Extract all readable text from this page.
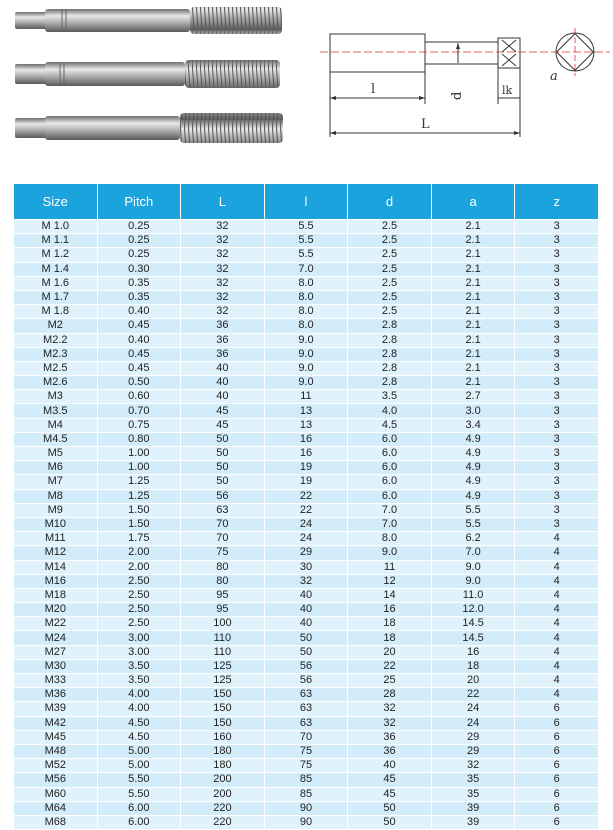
l	d	lk
L
a
Size	Pitch	L	l	d	a	z
M 1.0	0.25	32	5.5	2.5	2.1	3
M 1.1	0.25	32	5.5	2.5	2.1	3
M 1.2	0.25	32	5.5	2.5	2.1	3
M 1.4	0.30	32	7.0	2.5	2.1	3
M 1.6	0.35	32	8.0	2.5	2.1	3
M 1.7	0.35	32	8.0	2.5	2.1	3
M 1.8	0.40	32	8.0	2.5	2.1	3
M2	0.45	36	8.0	2.8	2.1	3
M2.2	0.40	36	9.0	2.8	2.1	3
M2.3	0.45	36	9.0	2.8	2.1	3
M2.5	0.45	40	9.0	2.8	2.1	3
M2.6	0.50	40	9.0	2.8	2.1	3
M3	0.60	40	11	3.5	2.7	3
M3.5	0.70	45	13	4.0	3.0	3
M4	0.75	45	13	4.5	3.4	3
M4.5	0.80	50	16	6.0	4.9	3
M5	1.00	50	16	6.0	4.9	3
M6	1.00	50	19	6.0	4.9	3
M7	1.25	50	19	6.0	4.9	3
M8	1.25	56	22	6.0	4.9	3
M9	1.50	63	22	7.0	5.5	3
M10	1.50	70	24	7.0	5.5	3
M11	1.75	70	24	8.0	6.2	4
M12	2.00	75	29	9.0	7.0	4
M14	2.00	80	30	11	9.0	4
M16	2.50	80	32	12	9.0	4
M18	2.50	95	40	14	11.0	4
M20	2.50	95	40	16	12.0	4
M22	2.50	100	40	18	14.5	4
M24	3.00	110	50	18	14.5	4
M27	3.00	110	50	20	16	4
M30	3.50	125	56	22	18	4
M33	3.50	125	56	25	20	4
M36	4.00	150	63	28	22	4
M39	4.00	150	63	32	24	6
M42	4.50	150	63	32	24	6
M45	4.50	160	70	36	29	6
M48	5.00	180	75	36	29	6
M52	5.00	180	75	40	32	6
M56	5.50	200	85	45	35	6
M60	5.50	200	85	45	35	6
M64	6.00	220	90	50	39	6
M68	6.00	220	90	50	39	6
